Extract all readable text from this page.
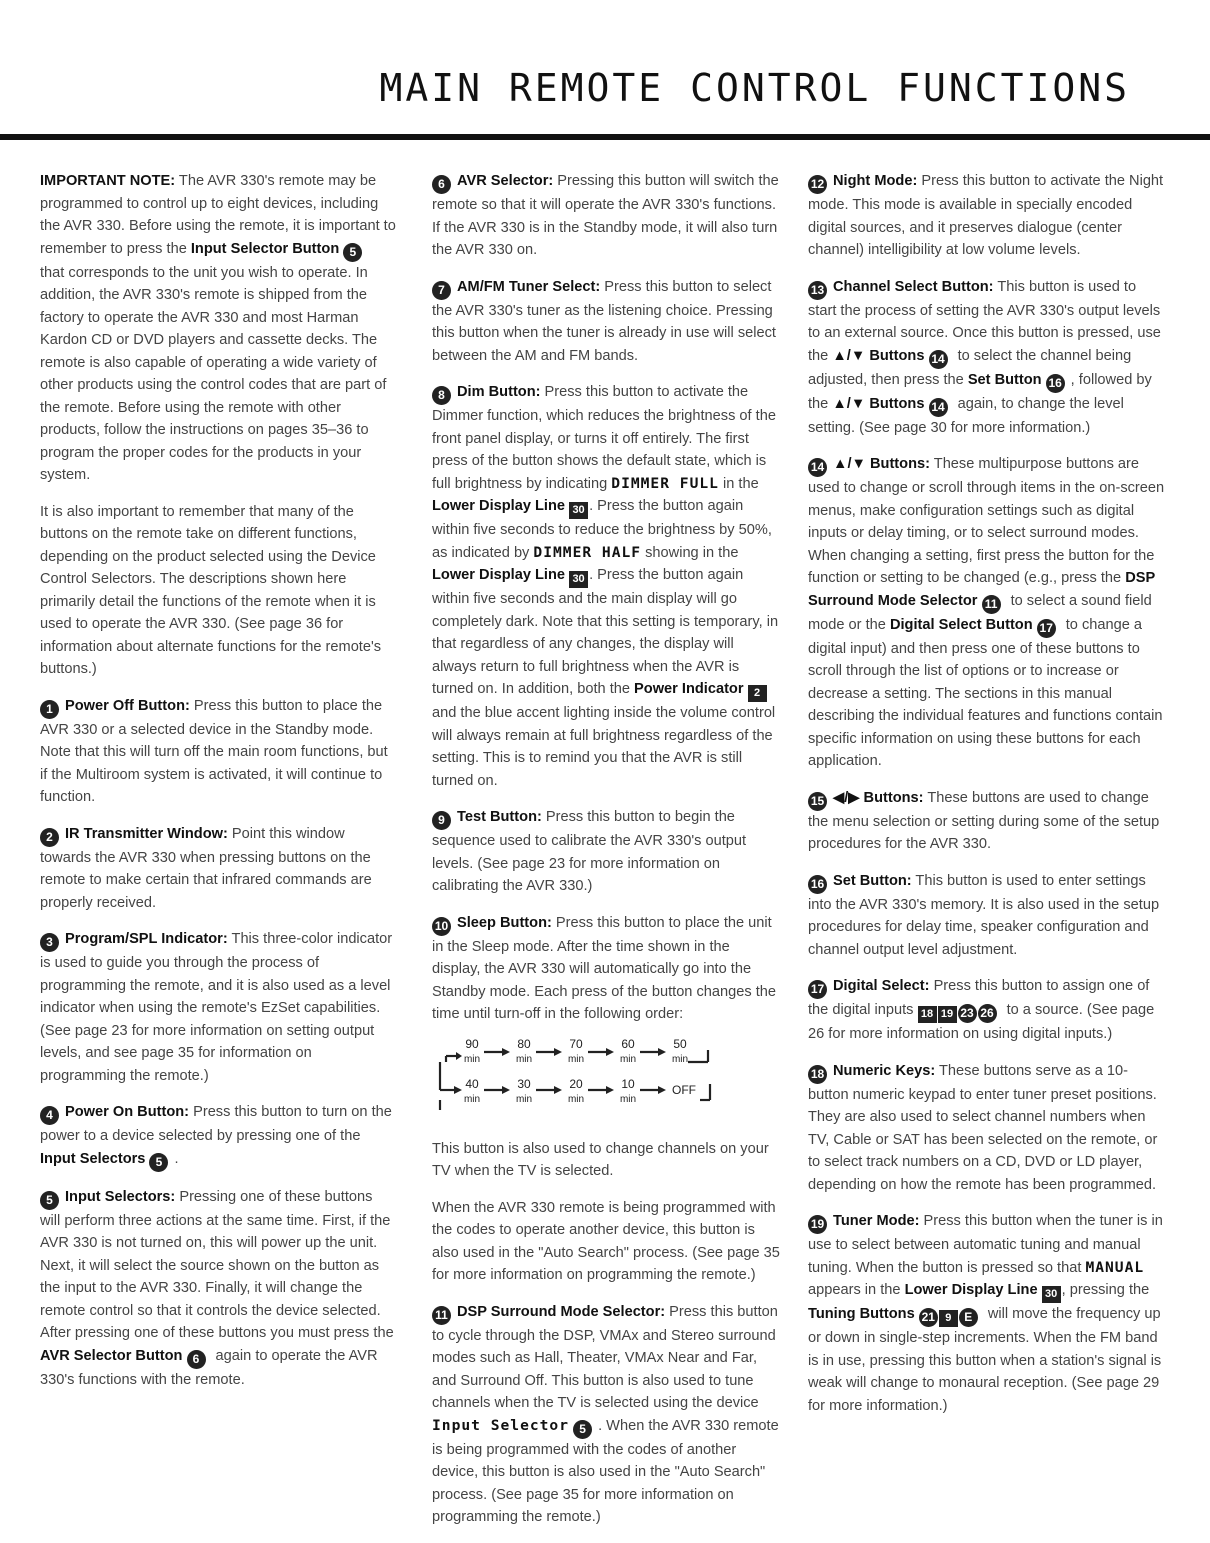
MAIN REMOTE CONTROL FUNCTIONS

IMPORTANT NOTE: The AVR 330's remote may be programmed to control up to eight devices, including the AVR 330. Before using the remote, it is important to remember to press the Input Selector Button 5 that corresponds to the unit you wish to operate. In addition, the AVR 330's remote is shipped from the factory to operate the AVR 330 and most Harman Kardon CD or DVD players and cassette decks. The remote is also capable of operating a wide variety of other products using the control codes that are part of the remote. Before using the remote with other products, follow the instructions on pages 35–36 to program the proper codes for the products in your system.

It is also important to remember that many of the buttons on the remote take on different functions, depending on the product selected using the Device Control Selectors. The descriptions shown here primarily detail the functions of the remote when it is used to operate the AVR 330. (See page 36 for information about alternate functions for the remote's buttons.)

1 Power Off Button: Press this button to place the AVR 330 or a selected device in the Standby mode. Note that this will turn off the main room functions, but if the Multiroom system is activated, it will continue to function.

2 IR Transmitter Window: Point this window towards the AVR 330 when pressing buttons on the remote to make certain that infrared commands are properly received.

3 Program/SPL Indicator: This three-color indicator is used to guide you through the process of programming the remote, and it is also used as a level indicator when using the remote's EzSet capabilities. (See page 23 for more information on setting output levels, and see page 35 for information on programming the remote.)

4 Power On Button: Press this button to turn on the power to a device selected by pressing one of the Input Selectors 5 .

5 Input Selectors: Pressing one of these buttons will perform three actions at the same time. First, if the AVR 330 is not turned on, this will power up the unit. Next, it will select the source shown on the button as the input to the AVR 330. Finally, it will change the remote control so that it controls the device selected. After pressing one of these buttons you must press the AVR Selector Button 6 again to operate the AVR 330's functions with the remote.

6 AVR Selector: Pressing this button will switch the remote so that it will operate the AVR 330's functions. If the AVR 330 is in the Standby mode, it will also turn the AVR 330 on.

7 AM/FM Tuner Select: Press this button to select the AVR 330's tuner as the listening choice. Pressing this button when the tuner is already in use will select between the AM and FM bands.

8 Dim Button: Press this button to activate the Dimmer function, which reduces the brightness of the front panel display, or turns it off entirely. The first press of the button shows the default state, which is full brightness by indicating DIMMER FULL in the Lower Display Line 30 . Press the button again within five seconds to reduce the brightness by 50%, as indicated by DIMMER HALF showing in the Lower Display Line 30 . Press the button again within five seconds and the main display will go completely dark. Note that this setting is temporary, in that regardless of any changes, the display will always return to full brightness when the AVR is turned on. In addition, both the Power Indicator 2 and the blue accent lighting inside the volume control will always remain at full brightness regardless of the setting. This is to remind you that the AVR is still turned on.

9 Test Button: Press this button to begin the sequence used to calibrate the AVR 330's output levels. (See page 23 for more information on calibrating the AVR 330.)

10 Sleep Button: Press this button to place the unit in the Sleep mode. After the time shown in the display, the AVR 330 will automatically go into the Standby mode. Each press of the button changes the time until turn-off in the following order:

90	80	70	60	50
min	min	min	min	min
40	30	20	10	OFF
min	min	min	min

This button is also used to change channels on your TV when the TV is selected.

When the AVR 330 remote is being programmed with the codes to operate another device, this button is also used in the "Auto Search" process. (See page 35 for more information on programming the remote.)

11 DSP Surround Mode Selector: Press this button to cycle through the DSP, VMAx and Stereo surround modes such as Hall, Theater, VMAx Near and Far, and Surround Off. This button is also used to tune channels when the TV is selected using the device Input Selector 5 . When the AVR 330 remote is being programmed with the codes of another device, this button is also used in the "Auto Search" process. (See page 35 for more information on programming the remote.)

12 Night Mode: Press this button to activate the Night mode. This mode is available in specially encoded digital sources, and it preserves dialogue (center channel) intelligibility at low volume levels.

13 Channel Select Button: This button is used to start the process of setting the AVR 330's output levels to an external source. Once this button is pressed, use the ▲/▼ Buttons 14 to select the channel being adjusted, then press the Set Button 16 , followed by the ▲/▼ Buttons 14 again, to change the level setting. (See page 30 for more information.)

14 ▲/▼ Buttons: These multipurpose buttons are used to change or scroll through items in the on-screen menus, make configuration settings such as digital inputs or delay timing, or to select surround modes. When changing a setting, first press the button for the function or setting to be changed (e.g., press the DSP Surround Mode Selector 11 to select a sound field mode or the Digital Select Button 17 to change a digital input) and then press one of these buttons to scroll through the list of options or to increase or decrease a setting. The sections in this manual describing the individual features and functions contain specific information on using these buttons for each application.

15 ◀/▶ Buttons: These buttons are used to change the menu selection or setting during some of the setup procedures for the AVR 330.

16 Set Button: This button is used to enter settings into the AVR 330's memory. It is also used in the setup procedures for delay time, speaker configuration and channel output level adjustment.

17 Digital Select: Press this button to assign one of the digital inputs 18 19 23 26 to a source. (See page 26 for more information on using digital inputs.)

18 Numeric Keys: These buttons serve as a 10-button numeric keypad to enter tuner preset positions. They are also used to select channel numbers when TV, Cable or SAT has been selected on the remote, or to select track numbers on a CD, DVD or LD player, depending on how the remote has been programmed.

19 Tuner Mode: Press this button when the tuner is in use to select between automatic tuning and manual tuning. When the button is pressed so that MANUAL appears in the Lower Display Line 30 , pressing the Tuning Buttons 21 9 E will move the frequency up or down in single-step increments. When the FM band is in use, pressing this button when a station's signal is weak will change to monaural reception. (See page 29 for more information.)
